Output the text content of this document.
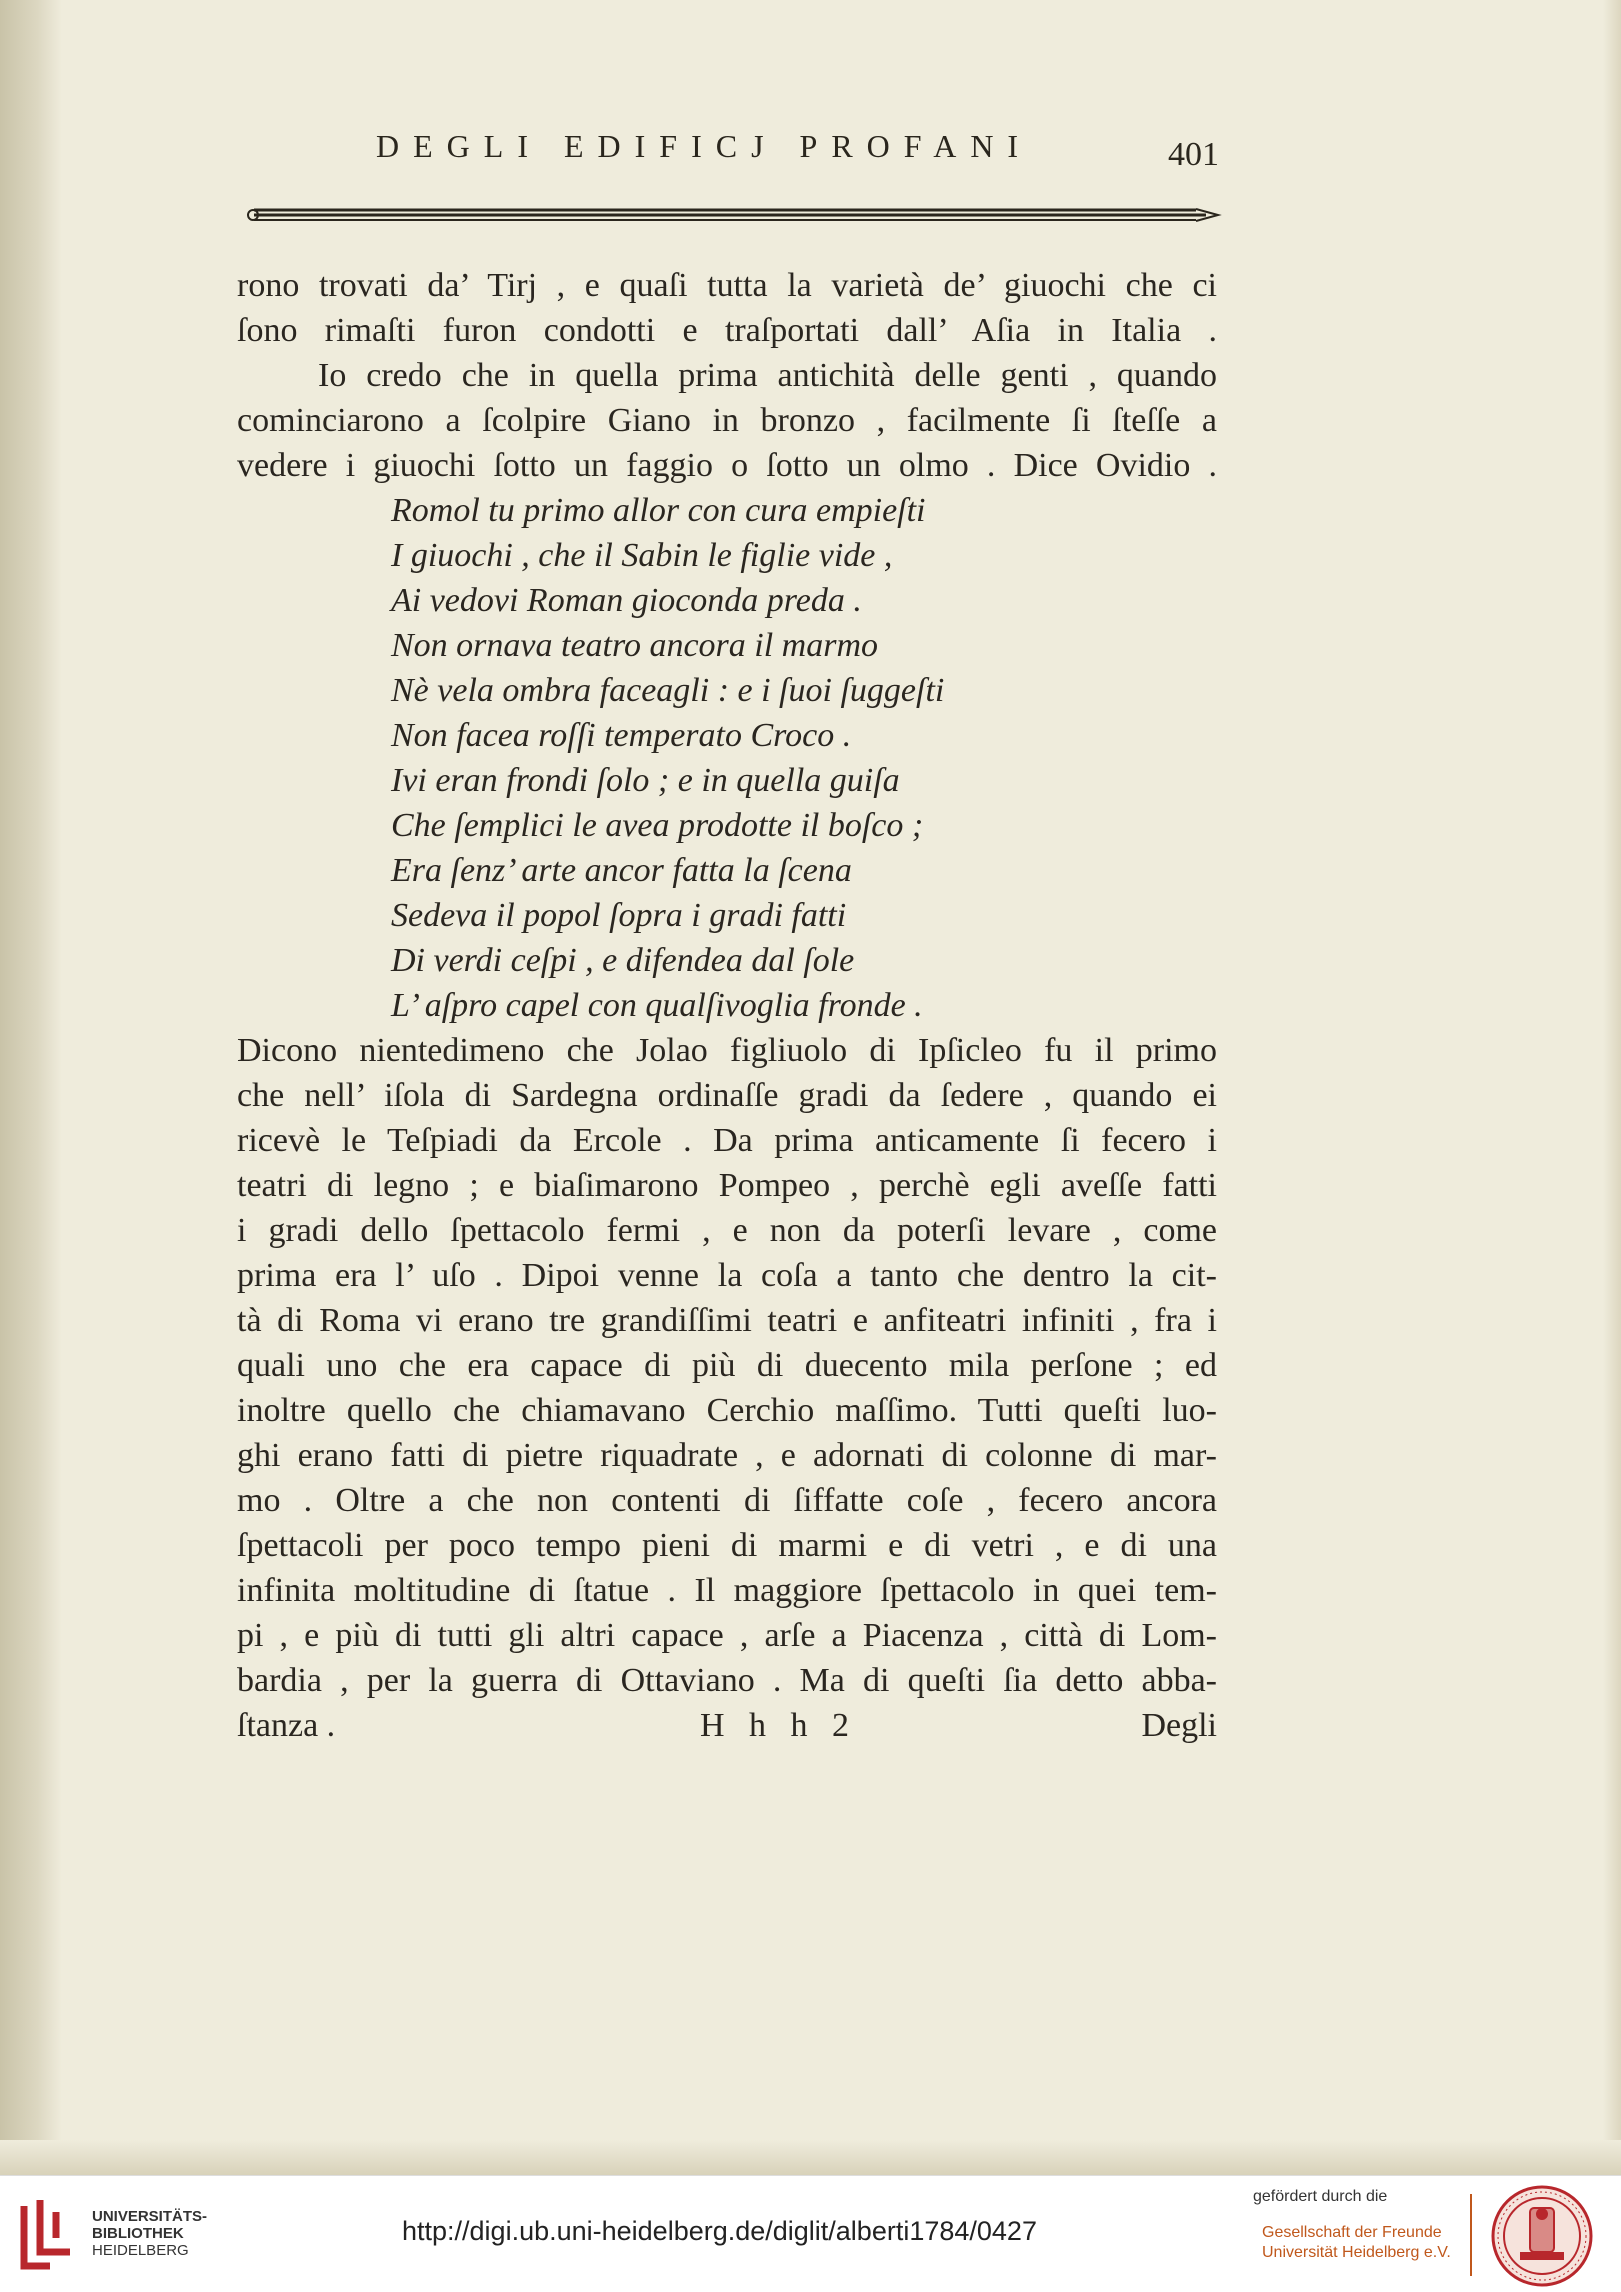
DEGLI EDIFICJ PROFANI	401
rono trovati da’ Tirj , e quaſi tutta la varietà de’ giuochi che ci
ſono rimaſti furon condotti e traſportati dall’ Aſia in Italia .
Io credo che in quella prima antichità delle genti , quando
cominciarono a ſcolpire Giano in bronzo , facilmente ſi ſteſſe a
vedere i giuochi ſotto un faggio o ſotto un olmo . Dice Ovidio .
Romol tu primo allor con cura empieſti
I giuochi , che il Sabin le figlie vide ,
Ai vedovi Roman gioconda preda .
Non ornava teatro ancora il marmo
Nè vela ombra faceagli : e i ſuoi ſuggeſti
Non facea roſſi temperato Croco .
Ivi eran frondi ſolo ; e in quella guiſa
Che ſemplici le avea prodotte il boſco ;
Era ſenz’ arte ancor fatta la ſcena
Sedeva il popol ſopra i gradi fatti
Di verdi ceſpi , e difendea dal ſole
L’ aſpro capel con qualſivoglia fronde .
Dicono nientedimeno che Jolao figliuolo di Ipſicleo fu il primo
che nell’ iſola di Sardegna ordinaſſe gradi da ſedere , quando ei
ricevè le Teſpiadi da Ercole . Da prima anticamente ſi fecero i
teatri di legno ; e biaſimarono Pompeo , perchè egli aveſſe fatti
i gradi dello ſpettacolo fermi , e non da poterſi levare , come
prima era l’ uſo . Dipoi venne la coſa a tanto che dentro la cit-
tà di Roma vi erano tre grandiſſimi teatri e anfiteatri infiniti , fra i
quali uno che era capace di più di duecento mila perſone ; ed
inoltre quello che chiamavano Cerchio maſſimo. Tutti queſti luo-
ghi erano fatti di pietre riquadrate , e adornati di colonne di mar-
mo . Oltre a che non contenti di ſiffatte coſe , fecero ancora
ſpettacoli per poco tempo pieni di marmi e di vetri , e di una
infinita moltitudine di ſtatue . Il maggiore ſpettacolo in quei tem-
pi , e più di tutti gli altri capace , arſe a Piacenza , città di Lom-
bardia , per la guerra di Ottaviano . Ma di queſti ſia detto abba-
ſtanza .	H h h 2	Degli
UNIVERSITÄTS-
BIBLIOTHEK
HEIDELBERG
http://digi.ub.uni-heidelberg.de/diglit/alberti1784/0427
gefördert durch die
Gesellschaft der Freunde
Universität Heidelberg e.V.
